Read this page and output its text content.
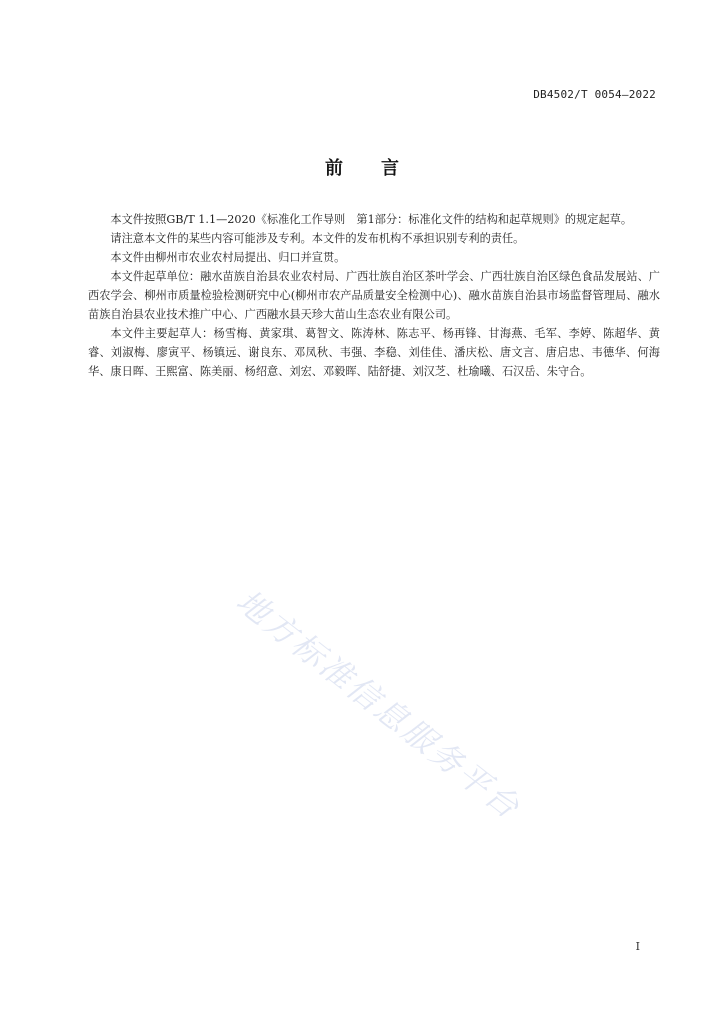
DB4502/T 0054—2022
前言

本文件按照GB/T 1.1—2020《标准化工作导则　第1部分：标准化文件的结构和起草规则》的规定起草。

请注意本文件的某些内容可能涉及专利。本文件的发布机构不承担识别专利的责任。

本文件由柳州市农业农村局提出、归口并宣贯。

本文件起草单位：融水苗族自治县农业农村局、广西壮族自治区茶叶学会、广西壮族自治区绿色食品发展站、广西农学会、柳州市质量检验检测研究中心(柳州市农产品质量安全检测中心)、融水苗族自治县市场监督管理局、融水苗族自治县农业技术推广中心、广西融水县天珍大苗山生态农业有限公司。

本文件主要起草人：杨雪梅、黄家琪、葛智文、陈涛林、陈志平、杨再锋、甘海燕、毛军、李婷、陈超华、黄睿、刘淑梅、廖寅平、杨镇远、谢良东、邓凤秋、韦强、李稳、刘佳佳、潘庆松、唐文言、唐启忠、韦德华、何海华、康日晖、王熙富、陈美丽、杨绍意、刘宏、邓毅晖、陆舒捷、刘汉芝、杜瑜曦、石汉岳、朱守合。

地方标准信息服务平台
I
